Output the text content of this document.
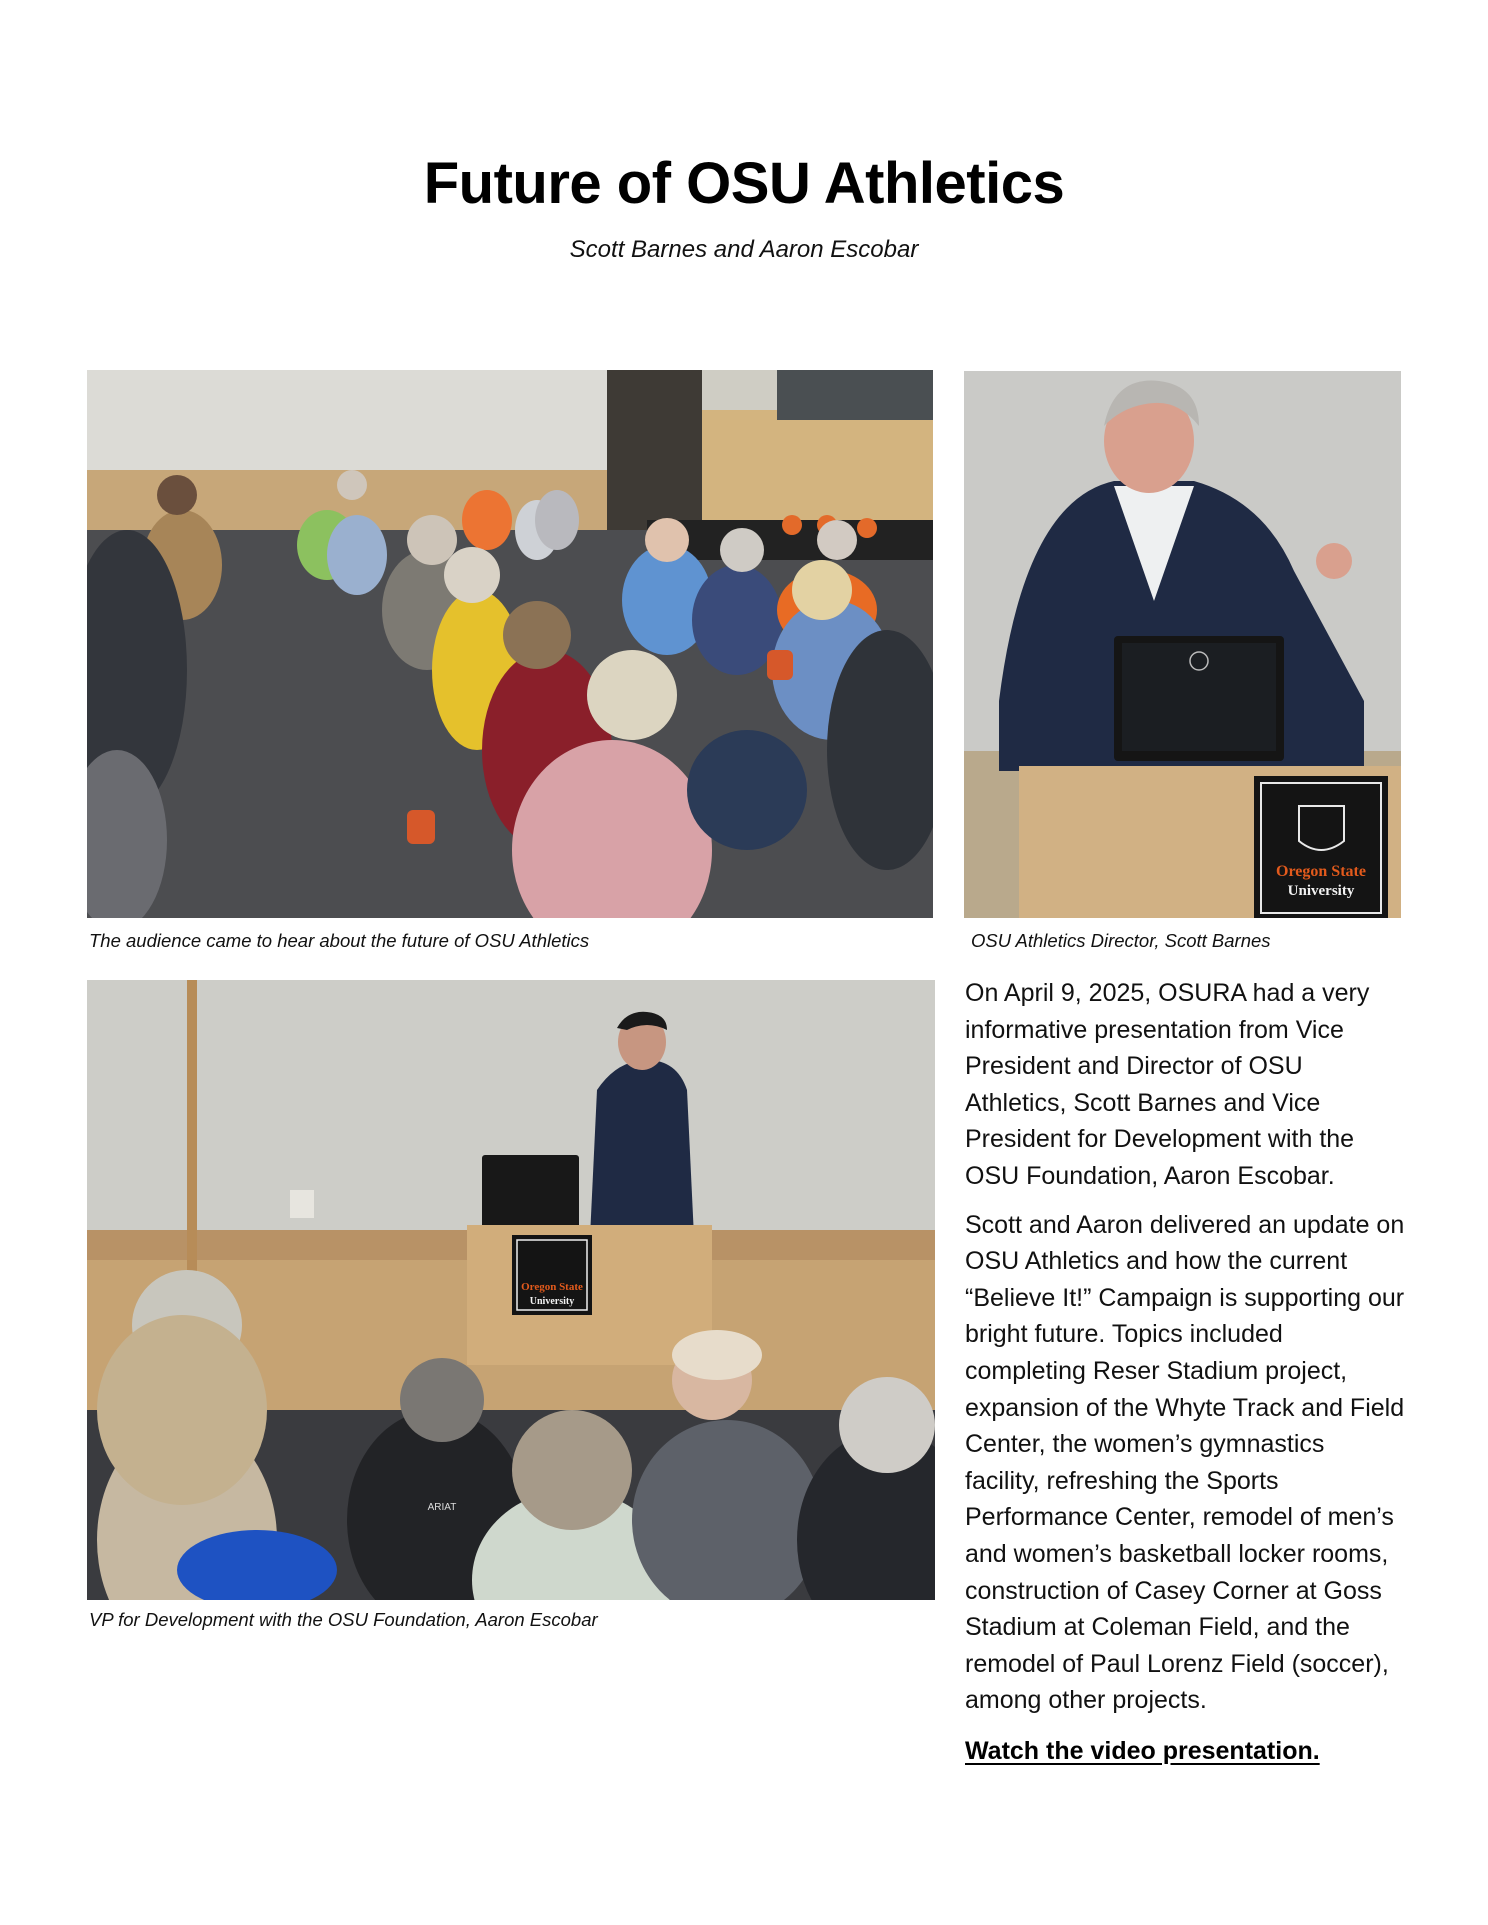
Future of OSU Athletics
Scott Barnes and Aaron Escobar
The audience came to hear about the future of OSU Athletics
Oregon State
University
OSU Athletics Director, Scott Barnes
Oregon State
University
ARIAT
VP for Development with the OSU Foundation, Aaron Escobar

On April 9, 2025, OSURA had a very informative presentation from Vice President and Director of OSU Athletics, Scott Barnes and Vice President for Development with the OSU Foundation, Aaron Escobar.

Scott and Aaron delivered an update on OSU Athletics and how the current “Believe It!” Campaign is supporting our bright future. Topics included completing Reser Stadium project, expansion of the Whyte Track and Field Center, the women’s gymnastics facility, refreshing the Sports Performance Center, remodel of men’s and women’s basketball locker rooms, construction of Casey Corner at Goss Stadium at Coleman Field, and the remodel of Paul Lorenz Field (soccer), among other projects.

Watch the video presentation.
